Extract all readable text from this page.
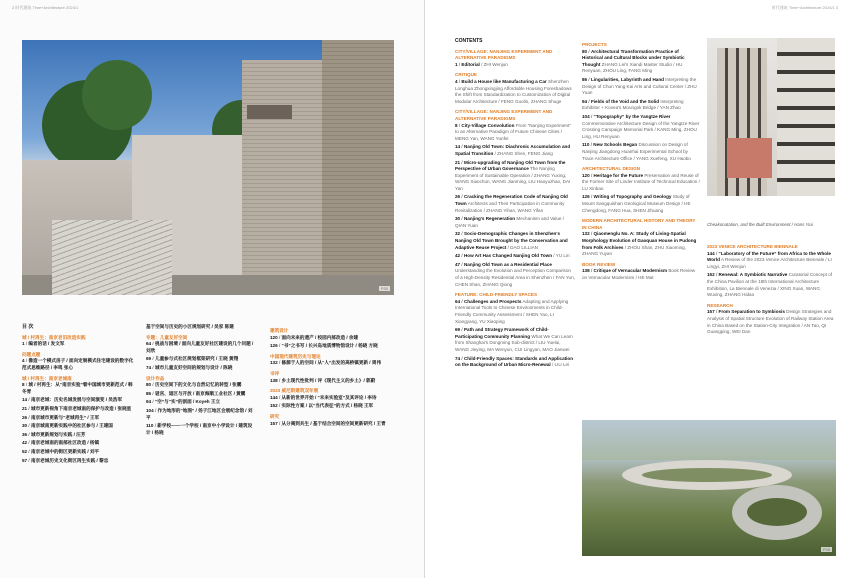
2 时代建筑 Time+Architecture 2024/1
P30
目 次
城 / 村再生：南京老旧改造实践
1 / 编者的话 / 发文军
问题点题
4 / 像造一个模式房子 / 面向定制模式住宅建设的数字化范式思维路径 / 李鸣 张心
城 / 村再生：南京老城南
8 / 城 / 村再生：从“南京实验”看中国城市更新范式 / 韩冬青
14 / 南京老城：历史名城发展与空间演变 / 吴浩军
21 / 城市更新视角下南京老城南的保护与改造 / 张晓星
26 / 南京城市更新与“老城再生” / 王军
30 / 南京城南更新实践中的社区参与 / 王建国
36 / 城市更新规划与实践 / 汪芳
42 / 南京老城南的南部社区改造 / 杨镇
52 / 南京老城中的街区更新实践 / 刘平
57 / 南京老城历史文化街区再生实践 / 黎忠
基于空间与历史的小区规划研究 / 吴家 陈建
专题：儿童友好空间
64 / 挑战与困境 / 面向儿童友好社区建设的几个问题 / 刘欣
69 / 儿童参与式社区规划框架研究 / 王晓 黄翔
74 / 城市儿童友好空间的规划与设计 / 陈晓
设计作品
80 / 历史空间下的文化与自然记忆的转型 / 张鹏
86 / 谜宫、道区与开放 / 南京海顺工业社区 / 黄鹏
94 / “空”与“实”的剖面 / Koyeh 王立
104 / 作为地形的“地图” / 扬子江地区会展纪念馆 / 刘平
110 / 新学校——一个学校 / 南京中小学设计 / 建筑设计 / 杨晓
建筑设计
120 / 面向未来的遗产 / 校园内部改造 / 余建
126 / “书”之书写 / 长兴岛地质博物馆设计 / 杨晓 方晓
中国现代建筑历史与理论
132 / 修源于人的空间 / 从“人”出发的高桥镇更新 / 周伟
书评
138 / 乡土现代性批判 / 评《现代主义的乡土》/ 郭蔚
2023 威尼斯建筑双年展
144 / 从新的世界开始 / “未来实验室”及其评论 / 李诗
152 / 实际性方案 / 以“当代表征”的方式 / 杨晓 王军
研究
157 / 从分离到共生 / 基于结合空间的空间更新研究 / 王青
时代建筑 Time+Architecture 2024/1 3
CONTENTS
CITY/VILLAGE: NANJING EXPERIMENT AND ALTERNATIVE PARADIGMS
1 / Editorial / ZHI Wenjun
CRITIQUE
4 / Build a House like Manufacturing a Car Shenzhen Longhua Zhongxingjing Affordable Housing Foreshadows the Shift from Standardization to Customization of Digital Modular Architecture / FENG Guolin, ZHANG Shuge
CITY/VILLAGE: NANJING EXPERIMENT AND ALTERNATIVE PARADIGMS
8 / City-Village Convolution From “Nanjing Experiment” to an Alternative Paradigm of Future Chinese Cities / MENG Yan, WANG Yunfei
14 / Nanjing Old Town: Diachronic Accumulation and Spatial Transition / ZHANG Shen, FENG Jiang
21 / Micro-upgrading of Nanjing Old Town from the Perspective of Urban Governance The Nanjing Experiment of Sustainable Operation / ZHANG Yuxing, WANG Xiaochun, WANG Jianming, LIU Haoyuzhao, DAI Yan
26 / Cracking the Regeneration Code of Nanjing Old Town Architects and Their Participation in Community Revitalization / ZHANG Yihan, WANG Yifan
30 / Nanjing's Regeneration Mechanism and Value / QIAN Yuan
32 / Socio-Demographic Changes in Shenzhen's Nanjing Old Town Brought by the Conservation and Adaptive Reuse Project / DAO LILLIAN
42 / How Art Has Changed Nanjing Old Town / YU Lin
47 / Nanjing Old Town as a Residential Place Understanding the Evolution and Perception Comparison of a High-Density Residential Area in Shenzhen / FAN Yun, CHEN Shan, ZHANG Qiong
FEATURE: CHILD-FRIENDLY SPACES
64 / Challenges and Prospects Adapting and Applying International Tools to Chinese Environments in Child-Friendly Community Assessment / SHEN Yao, LI Xiangyang, YU Xiaoping
69 / Path and Strategy Framework of Child-Participating Community Planning What We Can Learn from Shanghai's Dongming Sub-district / LIU Yuelai, WANG Jieying, MA Wenyun, CUI Lingyan, MAO Jianwei
74 / Child-Friendly Spaces: Standards and Application on the Background of Urban Micro-Renewal / LIU Lei
PROJECTS
80 / Architectural Transformation Practice of Historical and Cultural Blocks under Symbiotic Thought ZHANG Lei's Xiandi Master Studio / HU Renyuan, ZHOU Ling, FANG Ming
86 / Lingularities, Labyrinth and Hand Interpreting the Design of Chun Yang Kai Arts and Cultural Center / ZHU Yuan
94 / Fields of the Void and the Solid Interpreting Exhibitor + Kovea's Moungok Bridge / YAN Zhao
104 / “Topography” by the Yangtze River Commemorative Architecture Design of the Yangtze River Crossing Campaign Memorial Park / KANG Ming, ZHOU Ling, HU Renyuan
110 / New Schools Began Discussion on Design of Nanjing Jiangdong Huanhai Experimental School by Trace Architecture Office / YANG Xuefeng, XU Haobo
ARCHITECTURAL DESIGN
120 / Heritage for the Future Preservation and Reuse of the Former Site of Linder Institute of Technical Education / LU Xinbao
126 / Writing of Topography and Geology Study of Mount Sangquishan Geological Museum Design / HE Chengdong, FANG Hua, SHEN Jihuang
MODERN ARCHITECTURAL HISTORY AND THEORY IN CHINA
132 / Qiaomenglu No. A: Study of Living-Spatial Morphology Evolution of Gaoquan House in Pudong from Folk Archives / ZHOU Shan, ZHU Xiaoming, ZHANG Yuyan
BOOK REVIEW
138 / Critique of Vernacular Modernism Book Review on Vernacular Modernism / HE Mat
Cheakonatation, and the Built Environment / Hans Yiui
2023 VENICE ARCHITECTURE BIENNALE
144 / “Laboratory of the Future” from Africa to the Whole World A Review of the 2023 Venice Architecture Biennale / LI Lingyi, ZHI Wenjun
152 / Renewal: A Symbiotic Narrative Curatorial Concept of the China Pavilion at the 18th International Architecture Exhibition, La Biennale di Venezia / XING Xuan, WANG Wuxing, ZHANG Hidao
RESEARCH
157 / From Separation to Symbiosis Design Strategies and Analysis of Spatial Structure Evolution of Railway Station Area in China Based on the Station-City Integration / AN Tao, QI Guangping, WEI Dan
P58
